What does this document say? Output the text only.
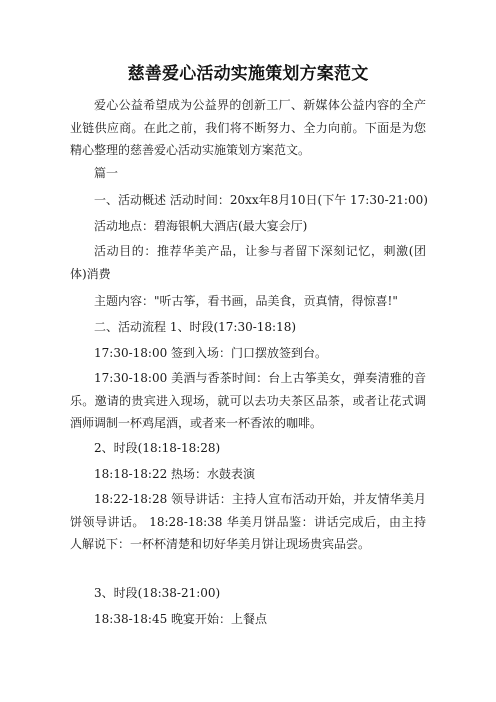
慈善爱心活动实施策划方案范文
爱心公益希望成为公益界的创新工厂、新媒体公益内容的全产业链供应商。在此之前，我们将不断努力、全力向前。下面是为您精心整理的慈善爱心活动实施策划方案范文。
篇一
一、活动概述 活动时间：20xx年8月10日(下午 17:30-21:00)
活动地点：碧海银帆大酒店(最大宴会厅)
活动目的：推荐华美产品，让参与者留下深刻记忆，刺激(团体)消费
主题内容："听古筝，看书画，品美食，贡真情，得惊喜!"
二、活动流程 1、时段(17:30-18:18)
17:30-18:00 签到入场：门口摆放签到台。
17:30-18:00 美酒与香茶时间：台上古筝美女，弹奏清雅的音乐。邀请的贵宾进入现场，就可以去功夫茶区品茶，或者让花式调酒师调制一杯鸡尾酒，或者来一杯香浓的咖啡。
2、时段(18:18-18:28)
18:18-18:22 热场：水鼓表演
18:22-18:28 领导讲话：主持人宣布活动开始，并友情华美月饼领导讲话。 18:28-18:38 华美月饼品鉴：讲话完成后，由主持人解说下：一杯杯清楚和切好华美月饼让现场贵宾品尝。
3、时段(18:38-21:00)
18:38-18:45 晚宴开始：上餐点
